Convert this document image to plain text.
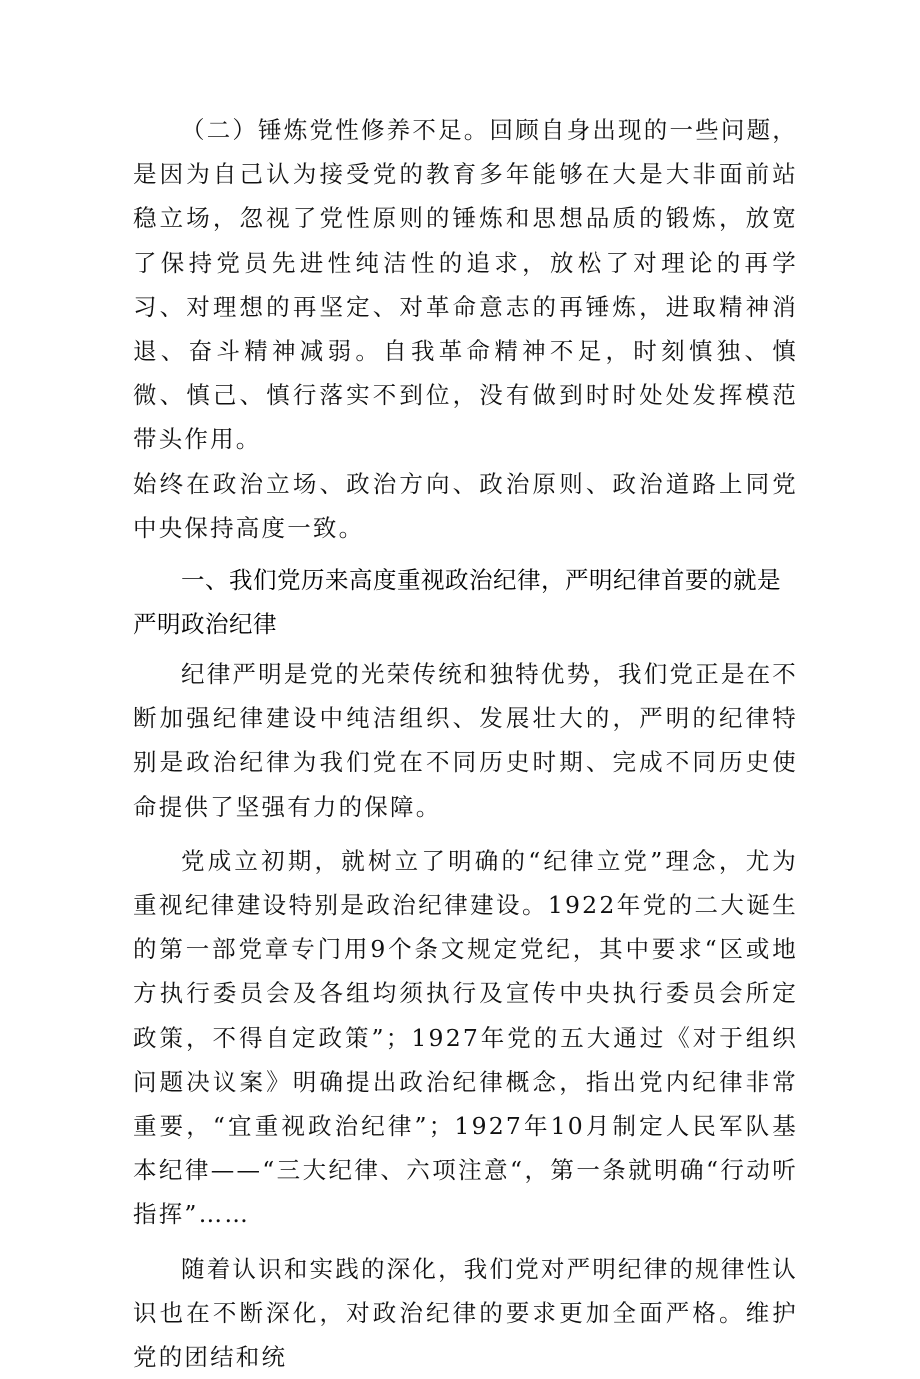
（二）锤炼党性修养不足。回顾自身出现的一些问题，是因为自己认为接受党的教育多年能够在大是大非面前站稳立场，忽视了党性原则的锤炼和思想品质的锻炼，放宽了保持党员先进性纯洁性的追求，放松了对理论的再学习、对理想的再坚定、对革命意志的再锤炼，进取精神消退、奋斗精神减弱。自我革命精神不足，时刻慎独、慎微、慎己、慎行落实不到位，没有做到时时处处发挥模范带头作用。

始终在政治立场、政治方向、政治原则、政治道路上同党中央保持高度一致。

一、我们党历来高度重视政治纪律，严明纪律首要的就是严明政治纪律

纪律严明是党的光荣传统和独特优势，我们党正是在不断加强纪律建设中纯洁组织、发展壮大的，严明的纪律特别是政治纪律为我们党在不同历史时期、完成不同历史使命提供了坚强有力的保障。

党成立初期，就树立了明确的“纪律立党”理念，尤为重视纪律建设特别是政治纪律建设。1922年党的二大诞生的第一部党章专门用9个条文规定党纪，其中要求“区或地方执行委员会及各组均须执行及宣传中央执行委员会所定政策，不得自定政策”；1927年党的五大通过《对于组织问题决议案》明确提出政治纪律概念，指出党内纪律非常重要，“宜重视政治纪律”；1927年10月制定人民军队基本纪律——“三大纪律、六项注意“，第一条就明确“行动听指挥”……

随着认识和实践的深化，我们党对严明纪律的规律性认识也在不断深化，对政治纪律的要求更加全面严格。维护党的团结和统
